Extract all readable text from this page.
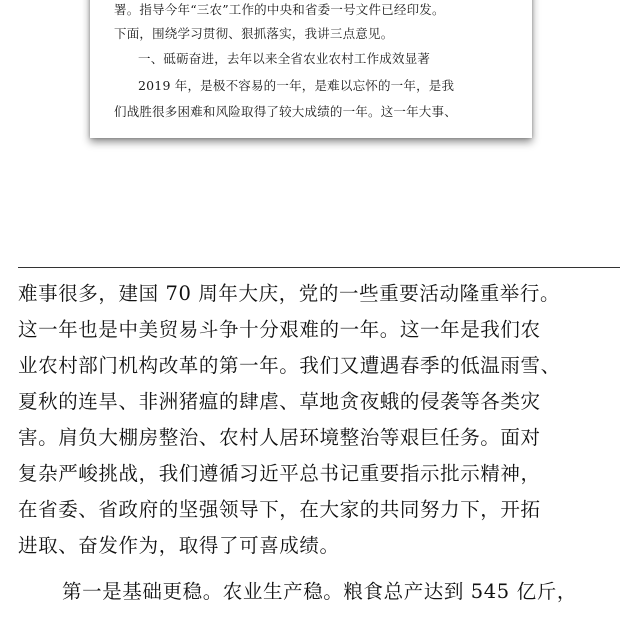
署。指导今年“三农”工作的中央和省委一号文件已经印发。
下面，围绕学习贯彻、狠抓落实，我讲三点意见。
一、砥砺奋进，去年以来全省农业农村工作成效显著
2019 年，是极不容易的一年，是难以忘怀的一年，是我
们战胜很多困难和风险取得了较大成绩的一年。这一年大事、
难事很多，建国 70 周年大庆，党的一些重要活动隆重举行。
这一年也是中美贸易斗争十分艰难的一年。这一年是我们农
业农村部门机构改革的第一年。我们又遭遇春季的低温雨雪、
夏秋的连旱、非洲猪瘟的肆虐、草地贪夜蛾的侵袭等各类灾
害。肩负大棚房整治、农村人居环境整治等艰巨任务。面对
复杂严峻挑战，我们遵循习近平总书记重要指示批示精神，
在省委、省政府的坚强领导下，在大家的共同努力下，开拓
进取、奋发作为，取得了可喜成绩。
第一是基础更稳。农业生产稳。粮食总产达到 545 亿斤，
